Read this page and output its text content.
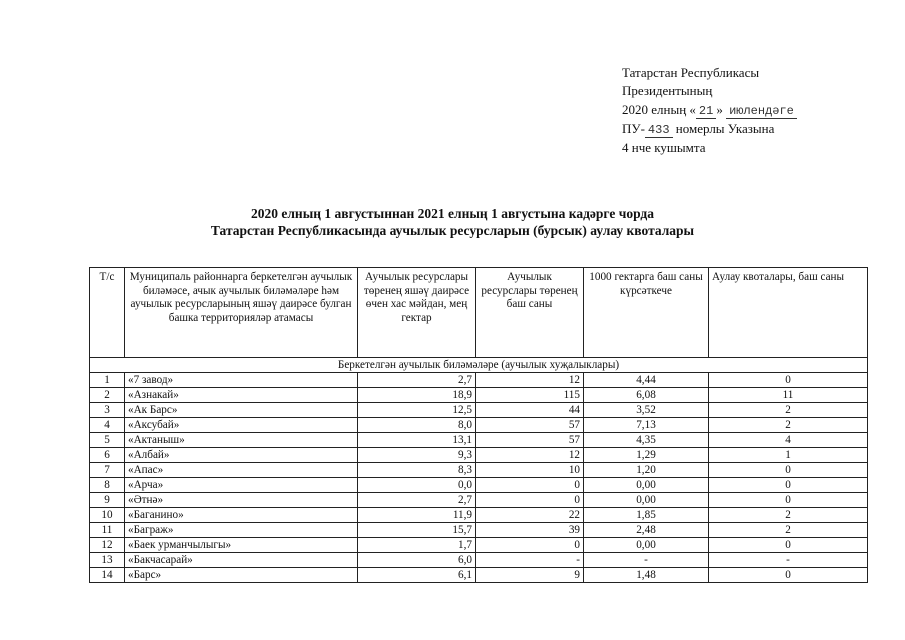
Татарстан Республикасы
Президентының
2020 елның « 21 » июлендәге
ПУ- 433 номерлы Указына
4 нче кушымта
2020 елның 1 августыннан 2021 елның 1 августына кадәрге чорда
Татарстан Республикасында аучылык ресурсларын (бурсык) аулау квоталары
Т/с	Муниципаль районнарга беркетелгән аучылык биләмәсе, ачык аучылык биләмәләре һәм аучылык ресурсларының яшәү даирәсе булган башка территорияләр атамасы	Аучылык ресурслары төренең яшәү даирәсе өчен хас мәйдан, мең гектар	Аучылык ресурслары төренең баш саны	1000 гектарга баш саны күрсәткече	Аулау квоталары, баш саны
Беркетелгән аучылык биләмәләре (аучылык хуҗалыклары)					
1	«7 завод»	2,7	12	4,44	0
2	«Азнакай»	18,9	115	6,08	11
3	«Ак Барс»	12,5	44	3,52	2
4	«Аксубай»	8,0	57	7,13	2
5	«Актаныш»	13,1	57	4,35	4
6	«Албай»	9,3	12	1,29	1
7	«Апас»	8,3	10	1,20	0
8	«Арча»	0,0	0	0,00	0
9	«Әтнә»	2,7	0	0,00	0
10	«Баганино»	11,9	22	1,85	2
11	«Баграж»	15,7	39	2,48	2
12	«Баек урманчылыгы»	1,7	0	0,00	0
13	«Бакчасарай»	6,0	-	-	-
14	«Барс»	6,1	9	1,48	0
